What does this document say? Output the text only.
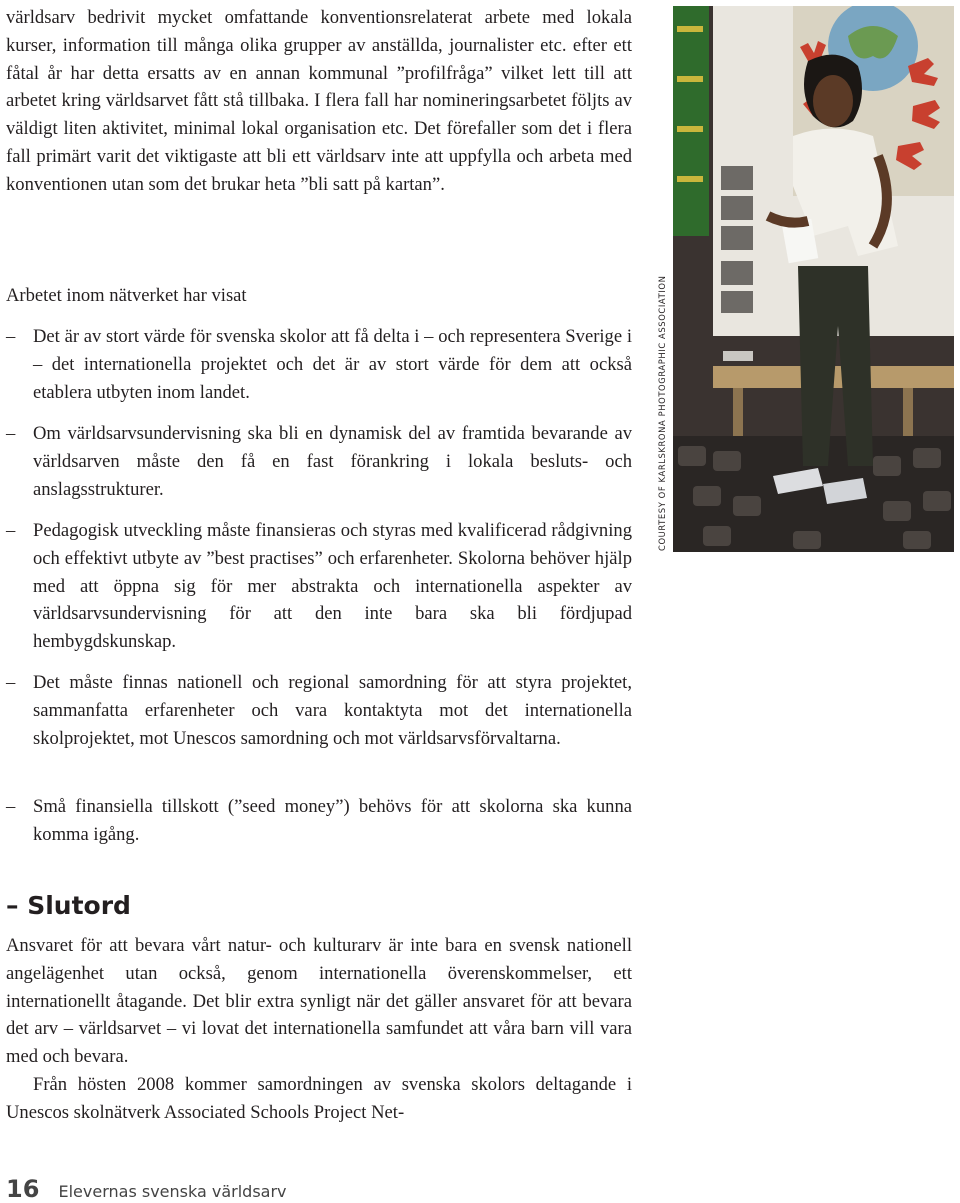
världsarv bedrivit mycket omfattande konventionsrelaterat arbete med lokala kurser, information till många olika grupper av anställda, journalister etc. efter ett fåtal år har detta ersatts av en annan kommunal ”profilfråga” vilket lett till att arbetet kring världsarvet fått stå tillbaka. I flera fall har nomineringsarbetet följts av väldigt liten aktivitet, minimal lokal organisation etc. Det förefaller som det i flera fall primärt varit det viktigaste att bli ett världsarv inte att uppfylla och arbeta med konventionen utan som det brukar heta ”bli satt på kartan”.

Arbetet inom nätverket har visat

– Det är av stort värde för svenska skolor att få delta i – och representera Sverige i – det internationella projektet och det är av stort värde för dem att också etablera utbyten inom landet.

– Om världsarvsundervisning ska bli en dynamisk del av framtida bevarande av världsarven måste den få en fast förankring i lokala besluts- och anslagsstrukturer.

– Pedagogisk utveckling måste finansieras och styras med kvalificerad rådgivning och effektivt utbyte av ”best practises” och erfarenheter. Skolorna behöver hjälp med att öppna sig för mer abstrakta och internationella aspekter av världsarvsundervisning för att den inte bara ska bli fördjupad hembygdskunskap.

– Det måste finnas nationell och regional samordning för att styra projektet, sammanfatta erfarenheter och vara kontaktyta mot det internationella skolprojektet, mot Unescos samordning och mot världsarvsförvaltarna.

– Små finansiella tillskott (”seed money”) behövs för att skolorna ska kunna komma igång.

– Slutord

Ansvaret för att bevara vårt natur- och kulturarv är inte bara en svensk nationell angelägenhet utan också, genom internationella överenskommelser, ett internationellt åtagande. Det blir extra synligt när det gäller ansvaret för att bevara det arv – världsarvet – vi lovat det internationella samfundet att våra barn vill vara med och bevara.

Från hösten 2008 kommer samordningen av svenska skolors deltagande i Unescos skolnätverk Associated Schools Project Net-

COURTESY OF KARLSKRONA PHOTOGRAPHIC ASSOCIATION
16 Elevernas svenska världsarv
